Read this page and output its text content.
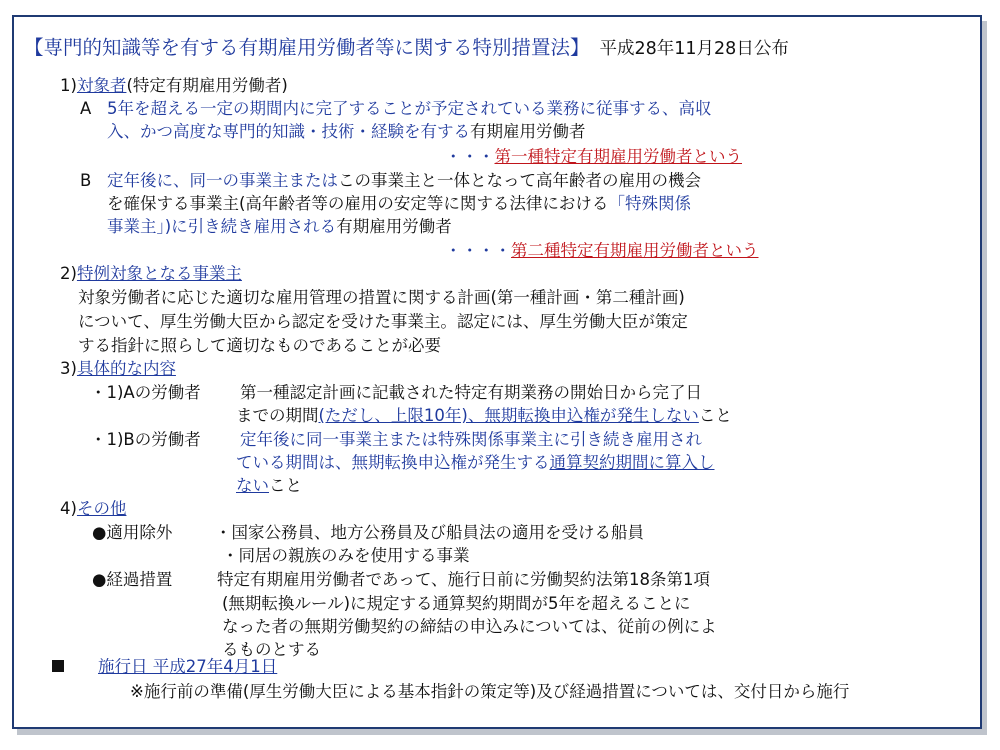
【専門的知識等を有する有期雇用労働者等に関する特別措置法】 平成28年11月28日公布
1)対象者(特定有期雇用労働者)
A 5年を超える一定の期間内に完了することが予定されている業務に従事する、高収
入、かつ高度な専門的知識・技術・経験を有する有期雇用労働者
・・・第一種特定有期雇用労働者という
B 定年後に、同一の事業主またはこの事業主と一体となって高年齢者の雇用の機会
を確保する事業主(高年齢者等の雇用の安定等に関する法律における「特殊関係
事業主」)に引き続き雇用される有期雇用労働者
・・・・第二種特定有期雇用労働者という
2)特例対象となる事業主
対象労働者に応じた適切な雇用管理の措置に関する計画(第一種計画・第二種計画)
について、厚生労働大臣から認定を受けた事業主。認定には、厚生労働大臣が策定
する指針に照らして適切なものであることが必要
3)具体的な内容
・1)Aの労働者 第一種認定計画に記載された特定有期業務の開始日から完了日
までの期間(ただし、上限10年)、無期転換申込権が発生しないこと
・1)Bの労働者 定年後に同一事業主または特殊関係事業主に引き続き雇用され
ている期間は、無期転換申込権が発生する通算契約期間に算入し
ないこと
4)その他
●適用除外	・国家公務員、地方公務員及び船員法の適用を受ける船員
・同居の親族のみを使用する事業
●経過措置	特定有期雇用労働者であって、施行日前に労働契約法第18条第1項
(無期転換ルール)に規定する通算契約期間が5年を超えることに
なった者の無期労働契約の締結の申込みについては、従前の例によ
るものとする
施行日 平成27年4月1日
※施行前の準備(厚生労働大臣による基本指針の策定等)及び経過措置については、交付日から施行
